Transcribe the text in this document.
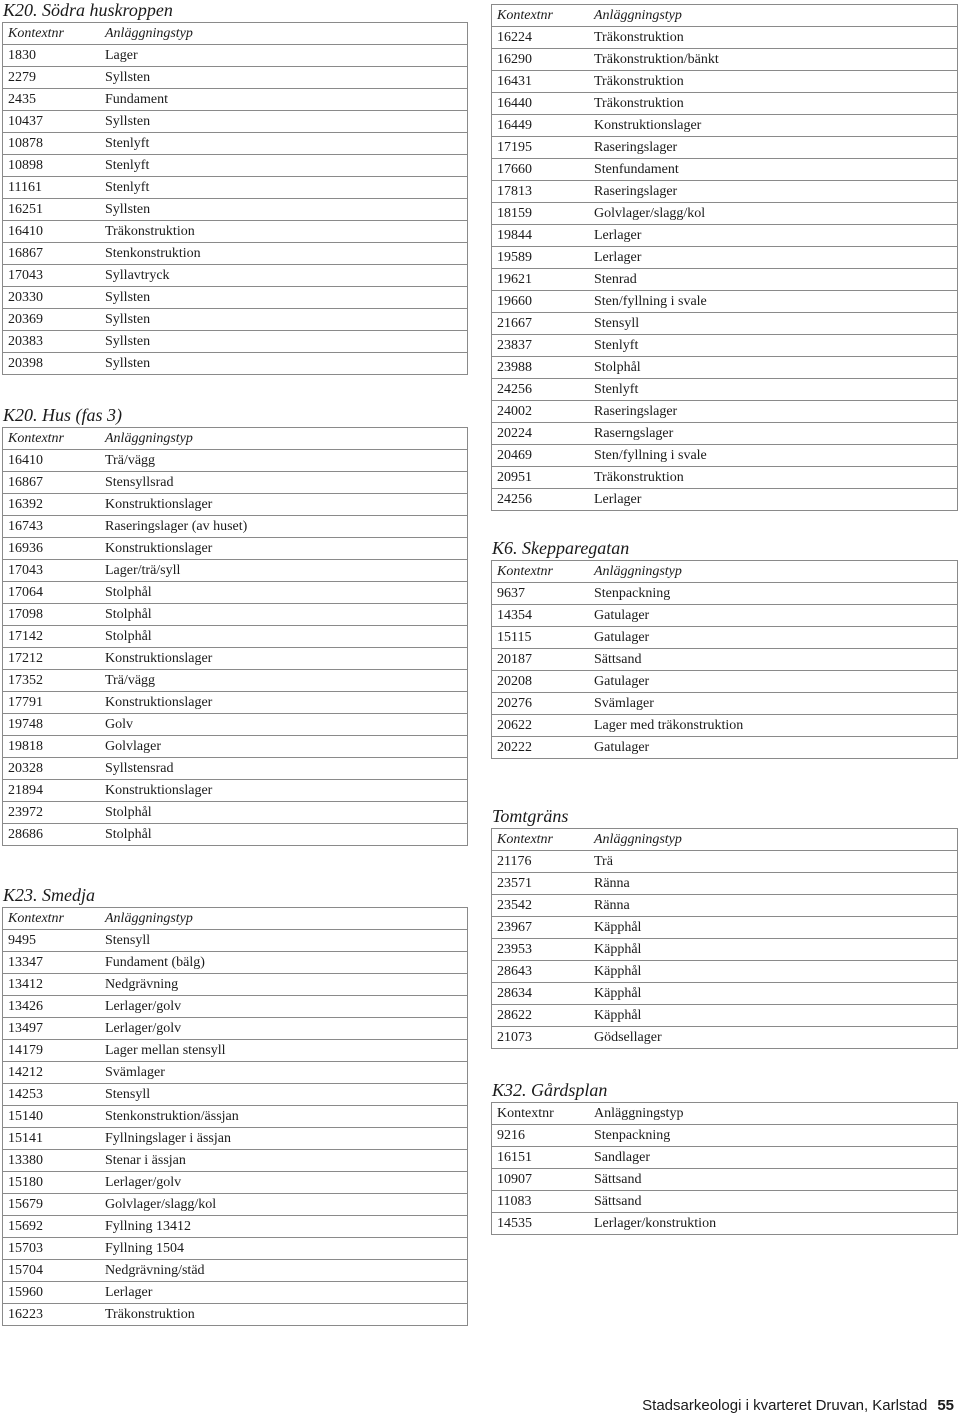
K20. Södra huskroppen
Kontextnr	Anläggningstyp
1830	Lager
2279	Syllsten
2435	Fundament
10437	Syllsten
10878	Stenlyft
10898	Stenlyft
11161	Stenlyft
16251	Syllsten
16410	Träkonstruktion
16867	Stenkonstruktion
17043	Syllavtryck
20330	Syllsten
20369	Syllsten
20383	Syllsten
20398	Syllsten
K20. Hus (fas 3)
Kontextnr	Anläggningstyp
16410	Trä/vägg
16867	Stensyllsrad
16392	Konstruktionslager
16743	Raseringslager (av huset)
16936	Konstruktionslager
17043	Lager/trä/syll
17064	Stolphål
17098	Stolphål
17142	Stolphål
17212	Konstruktionslager
17352	Trä/vägg
17791	Konstruktionslager
19748	Golv
19818	Golvlager
20328	Syllstensrad
21894	Konstruktionslager
23972	Stolphål
28686	Stolphål
K23. Smedja
Kontextnr	Anläggningstyp
9495	Stensyll
13347	Fundament (bälg)
13412	Nedgrävning
13426	Lerlager/golv
13497	Lerlager/golv
14179	Lager mellan stensyll
14212	Svämlager
14253	Stensyll
15140	Stenkonstruktion/ässjan
15141	Fyllningslager i ässjan
13380	Stenar i ässjan
15180	Lerlager/golv
15679	Golvlager/slagg/kol
15692	Fyllning 13412
15703	Fyllning 1504
15704	Nedgrävning/städ
15960	Lerlager
16223	Träkonstruktion
Kontextnr	Anläggningstyp
16224	Träkonstruktion
16290	Träkonstruktion/bänkt
16431	Träkonstruktion
16440	Träkonstruktion
16449	Konstruktionslager
17195	Raseringslager
17660	Stenfundament
17813	Raseringslager
18159	Golvlager/slagg/kol
19844	Lerlager
19589	Lerlager
19621	Stenrad
19660	Sten/fyllning i svale
21667	Stensyll
23837	Stenlyft
23988	Stolphål
24256	Stenlyft
24002	Raseringslager
20224	Raserngslager
20469	Sten/fyllning i svale
20951	Träkonstruktion
24256	Lerlager
K6. Skepparegatan
Kontextnr	Anläggningstyp
9637	Stenpackning
14354	Gatulager
15115	Gatulager
20187	Sättsand
20208	Gatulager
20276	Svämlager
20622	Lager med träkonstruktion
20222	Gatulager
Tomtgräns
Kontextnr	Anläggningstyp
21176	Trä
23571	Ränna
23542	Ränna
23967	Käpphål
23953	Käpphål
28643	Käpphål
28634	Käpphål
28622	Käpphål
21073	Gödsellager
K32. Gårdsplan
Kontextnr	Anläggningstyp
9216	Stenpackning
16151	Sandlager
10907	Sättsand
11083	Sättsand
14535	Lerlager/konstruktion
Stadsarkeologi i kvarteret Druvan, Karlstad 55
